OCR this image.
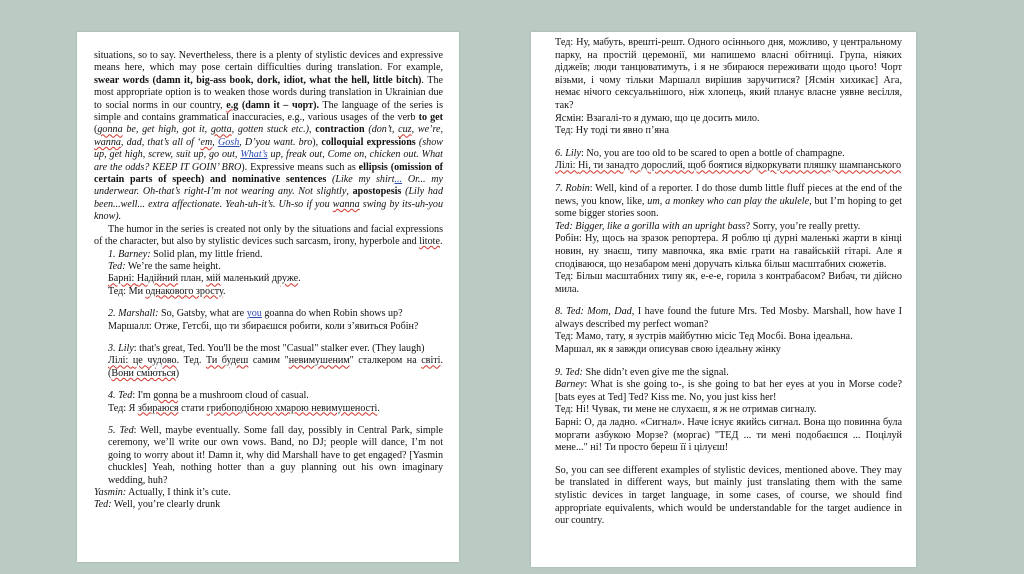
situations, so to say. Nevertheless, there is a plenty of stylistic devices and expressive means here, which may pose certain difficulties during translation. For example, swear words (damn it, big-ass book, dork, idiot, what the hell, little bitch). The most appropriate option is to weaken those words during translation in Ukrainian due to social norms in our country, e.g (damn it – чорт). The language of the series is simple and contains grammatical inaccuracies, e.g., various usages of the verb to get (gonna be, get high, got it, gotta, gotten stuck etc.), contraction (don’t, cuz, we’re, wanna, dad, that’s all of ‘em, Gosh, D’you want. bro), colloquial expressions (show up, get high, screw, suit up, go out, What’s up, freak out, Come on, chicken out. What are the odds? KEEP IT GOIN’ BRO). Expressive means such as ellipsis (omission of certain parts of speech) and nominative sentences (Like my shirt... Or... my underwear. Oh-that’s right-I’m not wearing any. Not slightly, apostopesis (Lily had been...well... extra affectionate. Yeah-uh-it’s. Uh-so if you wanna swing by its-uh-you know).

The humor in the series is created not only by the situations and facial expressions of the character, but also by stylistic devices such sarcasm, irony, hyperbole and litote.

1. Barney: Solid plan, my little friend.

Ted: We’re the same height.

Барні: Надійний план, мій маленький друже.

Тед: Ми однакового зросту.

2. Marshall: So, Gatsby, what are you goanna do when Robin shows up?

Маршалл: Отже, Гетсбі, що ти збираєшся робити, коли з’явиться Робін?

3. Lily: that's great, Ted. You'll be the most "Casual" stalker ever. (They laugh)

Лілі: це чудово. Тед. Ти будеш самим "невимушеним" сталкером на світі. (Вони сміються)

4. Ted: I'm gonna be a mushroom cloud of casual.

Тед: Я збираюся стати грибоподібною хмарою невимушеності.

5. Ted: Well, maybe eventually. Some fall day, possibly in Central Park, simple ceremony, we’ll write our own vows. Band, no DJ; people will dance, I’m not going to worry about it! Damn it, why did Marshall have to get engaged? [Yasmin chuckles] Yeah, nothing hotter than a guy planning out his own imaginary wedding, huh?

Yasmin: Actually, I think it’s cute.

Ted: Well, you’re clearly drunk

Тед: Ну, мабуть, врешті-решт. Одного осіннього дня, можливо, у центральному парку, на простій церемонії, ми напишемо власні обітниці. Група, ніяких діджеїв; люди танцюватимуть, і я не збираюся переживати щодо цього! Чорт візьми, і чому тільки Маршалл вирішив заручитися? [Ясмін хихикає] Ага, немає нічого сексуальнішого, ніж хлопець, який планує власне уявне весілля, так?

Ясмін: Взагалі-то я думаю, що це досить мило.

Тед: Ну тоді ти явно п’яна

6. Lily: No, you are too old to be scared to open a bottle of champagne.

Лілі: Ні, ти занадто дорослий, щоб боятися відкоркувати пляшку шампанського

7. Robin: Well, kind of a reporter. I do those dumb little fluff pieces at the end of the news, you know, like, um, a monkey who can play the ukulele, but I’m hoping to get some bigger stories soon.

Ted: Bigger, like a gorilla with an upright bass? Sorry, you’re really pretty.

Робін: Ну, щось на зразок репортера. Я роблю ці дурні маленькі жарти в кінці новин, ну знаєш, типу мавпочка, яка вміє грати на гавайській гітарі. Але я сподіваюся, що незабаром мені доручать кілька більш масштабних сюжетів.

Тед: Більш масштабних типу як, е-е-е, горила з контрабасом? Вибач, ти дійсно мила.

8. Ted: Mom, Dad, I have found the future Mrs. Ted Mosby. Marshall, how have I always described my perfect woman?

Тед: Мамо, тату, я зустрів майбутню місіс Тед Мосбі. Вона ідеальна.

Маршал, як я завжди описував свою ідеальну жінку

9. Ted: She didn’t even give me the signal.

Barney: What is she going to-, is she going to bat her eyes at you in Morse code? [bats eyes at Ted] Ted? Kiss me. No, you just kiss her!

Тед: Ні! Чувак, ти мене не слухаєш, я ж не отримав сигналу.

Барні: О, да ладно. «Сигнал». Наче існує якийсь сигнал. Вона що повинна була моргати азбукою Морзе? (моргає) "ТЕД ... ти мені подобаєшся ... Поцілуй мене..." ні! Ти просто береш її і цілуєш!

So, you can see different examples of stylistic devices, mentioned above. They may be translated in different ways, but mainly just translating them with the same stylistic devices in target language, in some cases, of course, we should find appropriate equivalents, which would be understandable for the target audience in our country.
